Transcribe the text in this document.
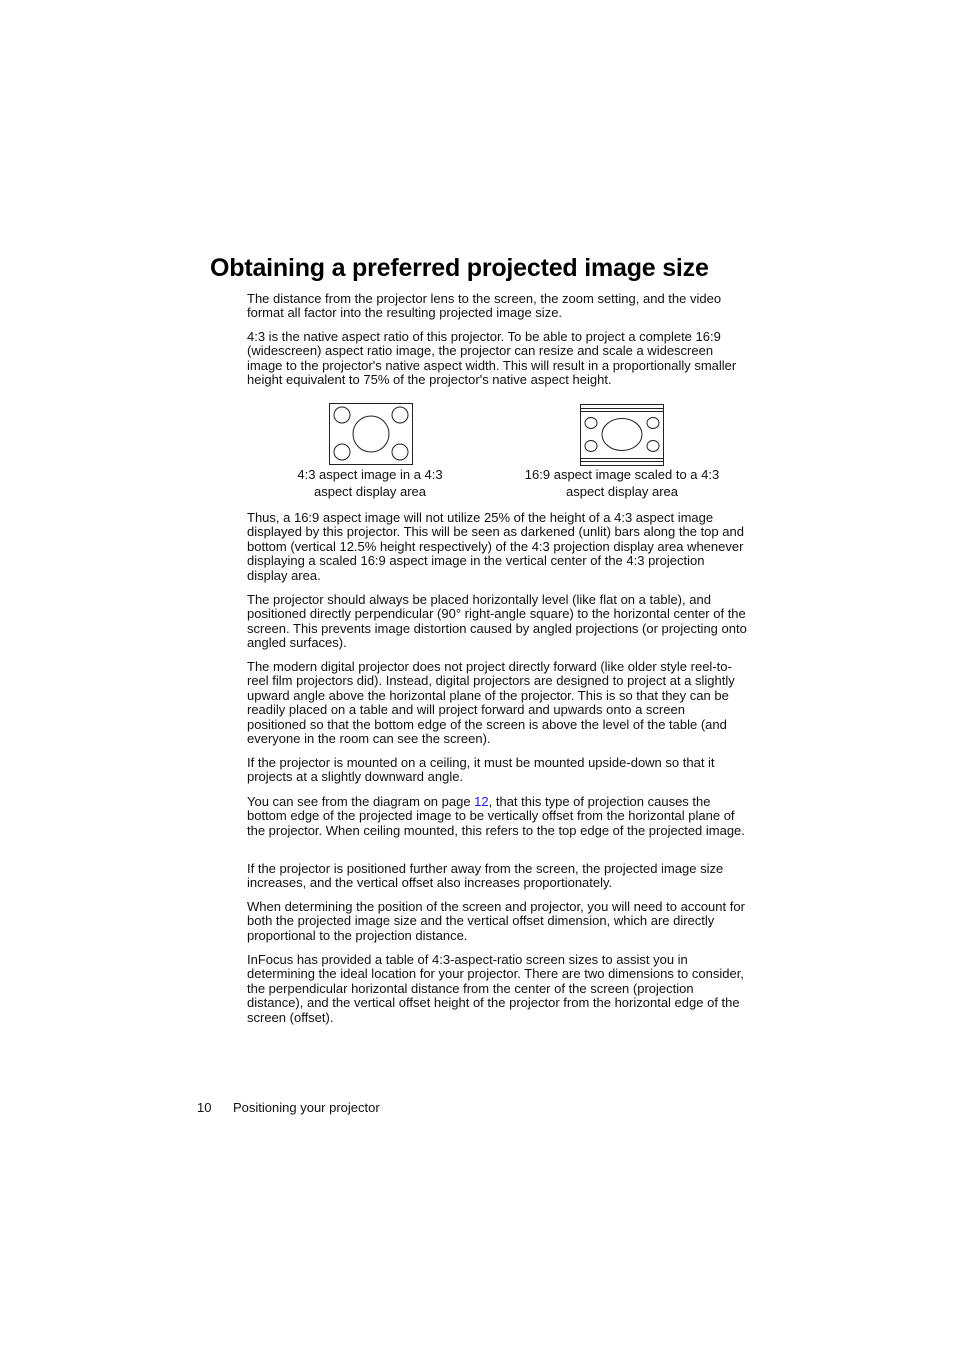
Obtaining a preferred projected image size

The distance from the projector lens to the screen, the zoom setting, and the video format all factor into the resulting projected image size.

4:3 is the native aspect ratio of this projector. To be able to project a complete 16:9 (widescreen) aspect ratio image, the projector can resize and scale a widescreen image to the projector's native aspect width. This will result in a proportionally smaller height equivalent to 75% of the projector's native aspect height.

4:3 aspect image in a 4:3
aspect display area

16:9 aspect image scaled to a 4:3
aspect display area

Thus, a 16:9 aspect image will not utilize 25% of the height of a 4:3 aspect image displayed by this projector. This will be seen as darkened (unlit) bars along the top and bottom (vertical 12.5% height respectively) of the 4:3 projection display area whenever displaying a scaled 16:9 aspect image in the vertical center of the 4:3 projection display area.

The projector should always be placed horizontally level (like flat on a table), and positioned directly perpendicular (90° right-angle square) to the horizontal center of the screen. This prevents image distortion caused by angled projections (or projecting onto angled surfaces).

The modern digital projector does not project directly forward (like older style reel-to-reel film projectors did). Instead, digital projectors are designed to project at a slightly upward angle above the horizontal plane of the projector. This is so that they can be readily placed on a table and will project forward and upwards onto a screen positioned so that the bottom edge of the screen is above the level of the table (and everyone in the room can see the screen).

If the projector is mounted on a ceiling, it must be mounted upside-down so that it projects at a slightly downward angle.

You can see from the diagram on page 12, that this type of projection causes the bottom edge of the projected image to be vertically offset from the horizontal plane of the projector. When ceiling mounted, this refers to the top edge of the projected image.

If the projector is positioned further away from the screen, the projected image size increases, and the vertical offset also increases proportionately.

When determining the position of the screen and projector, you will need to account for both the projected image size and the vertical offset dimension, which are directly proportional to the projection distance.

InFocus has provided a table of 4:3-aspect-ratio screen sizes to assist you in determining the ideal location for your projector. There are two dimensions to consider, the perpendicular horizontal distance from the center of the screen (projection distance), and the vertical offset height of the projector from the horizontal edge of the screen (offset).

10 Positioning your projector
